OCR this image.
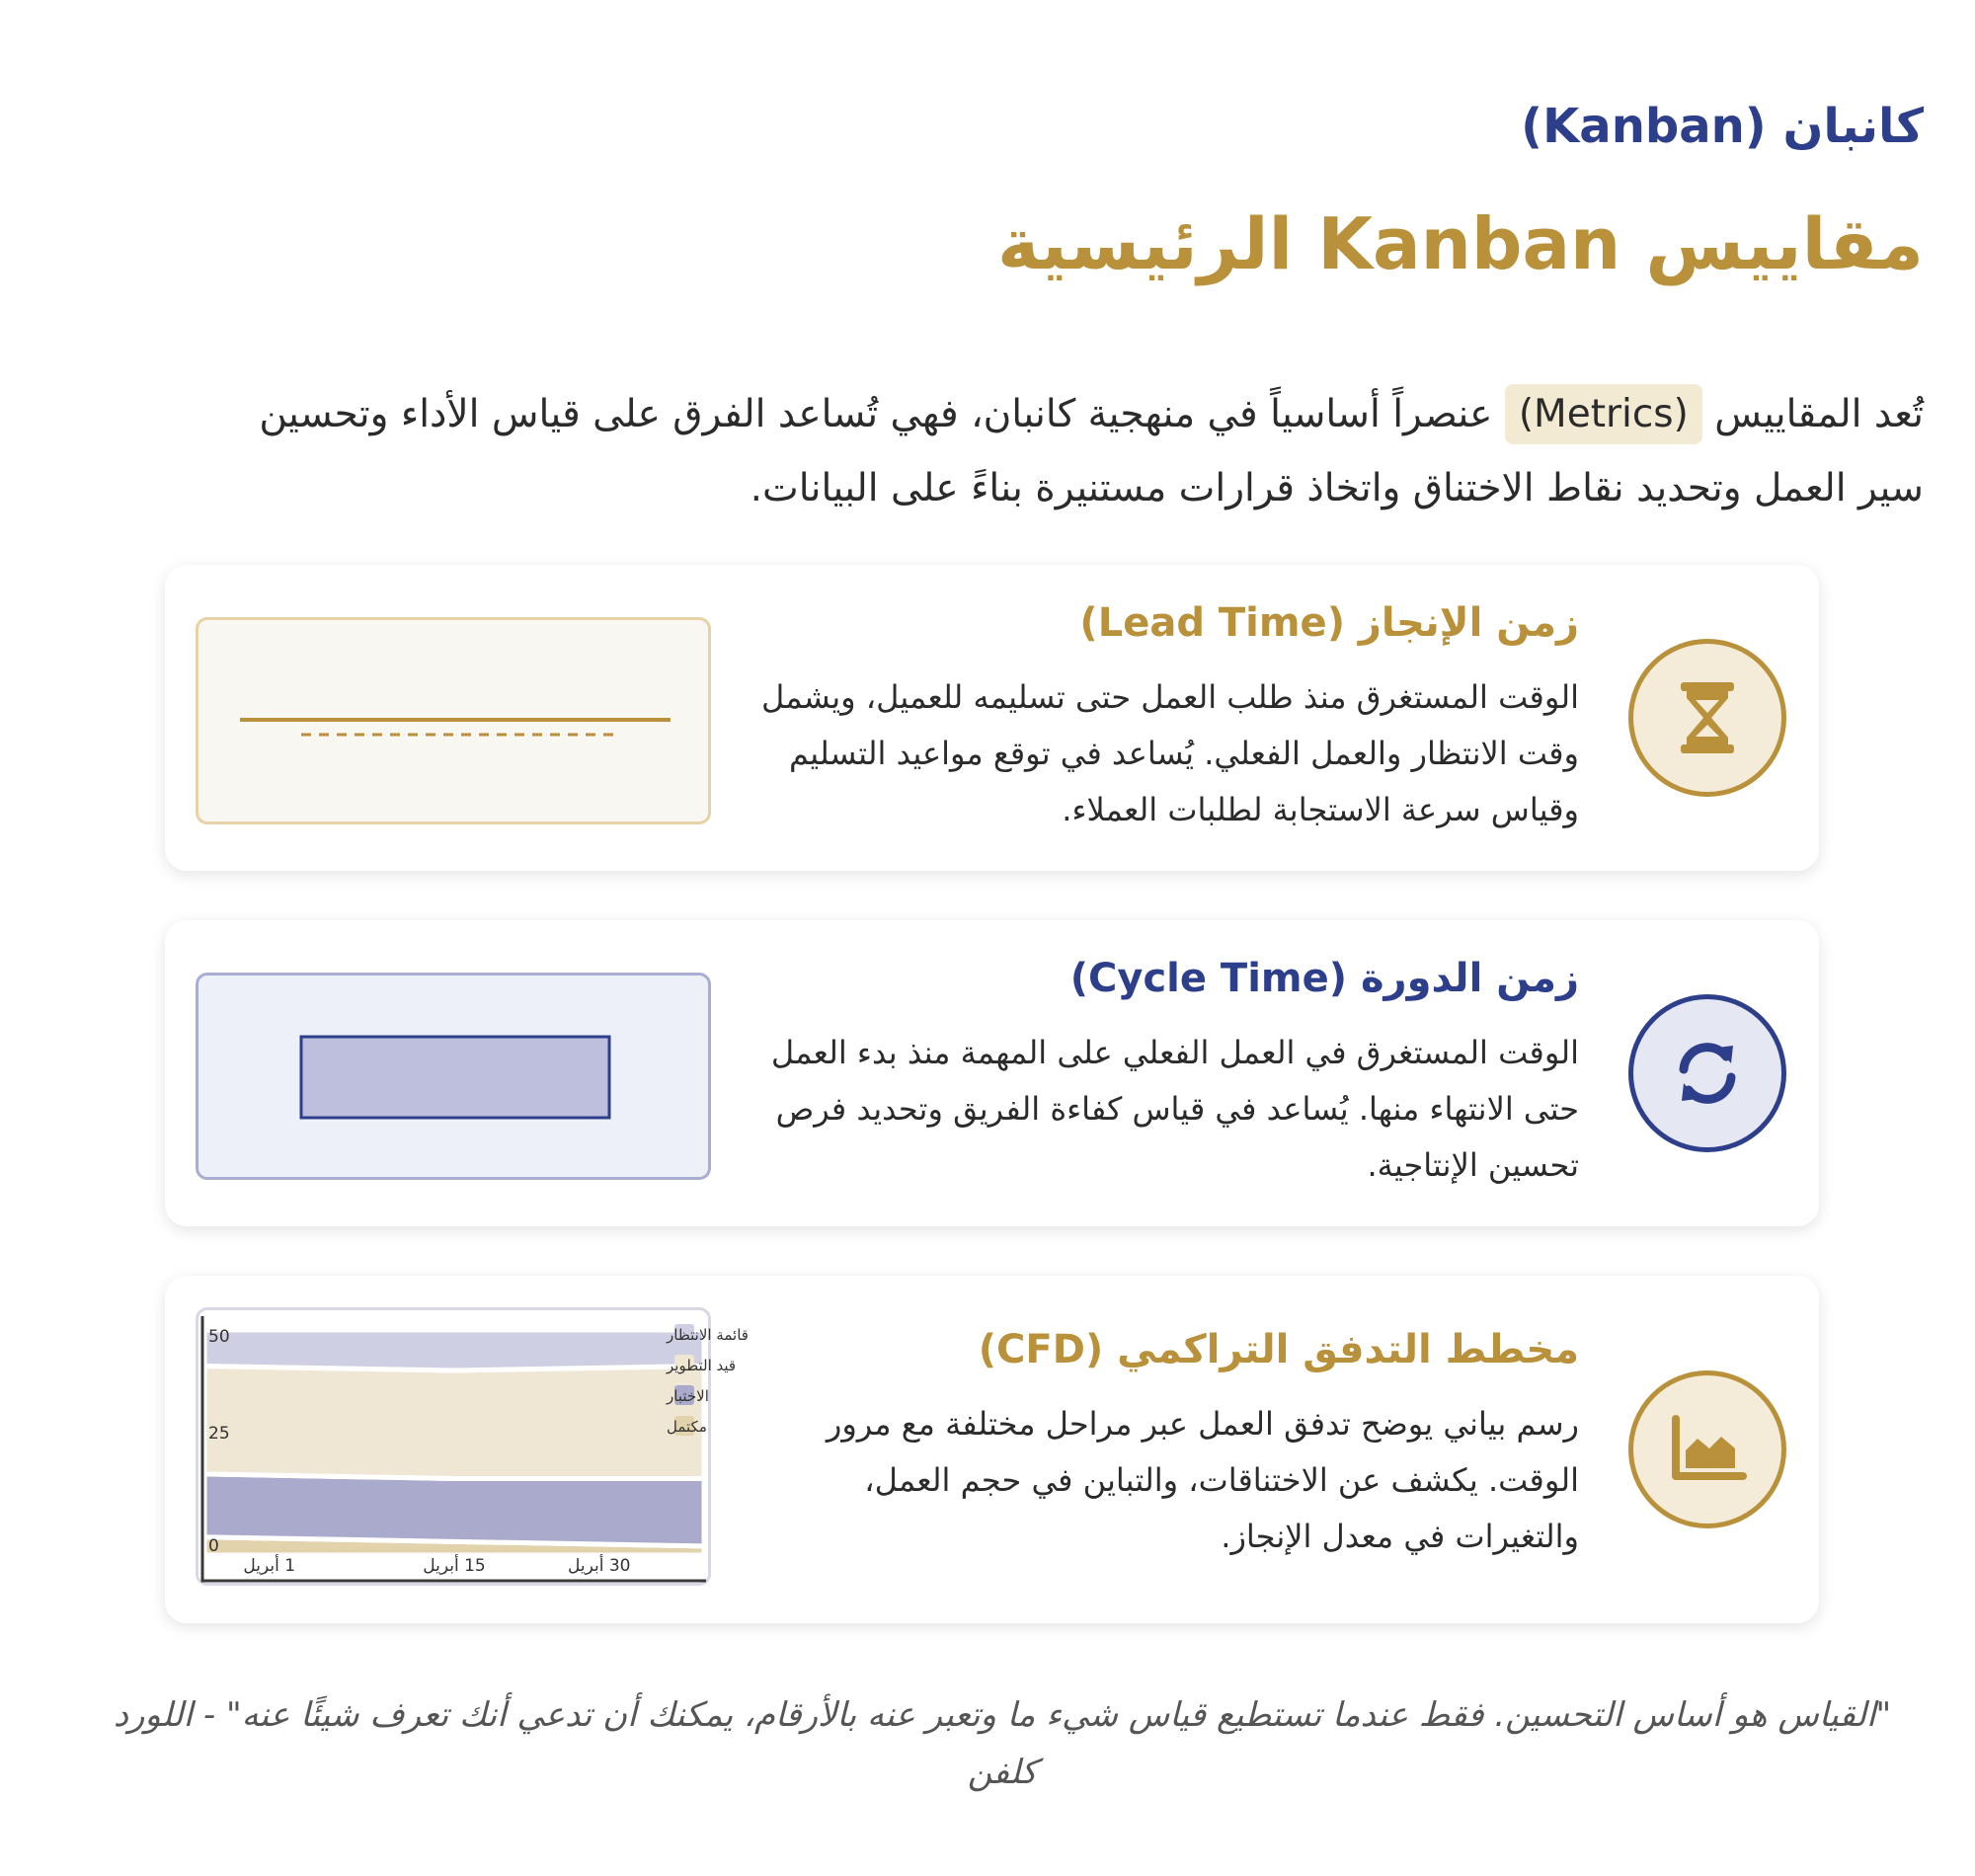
كانبان (Kanban)
مقاييس Kanban الرئيسية

تُعد المقاييس (Metrics) عنصراً أساسياً في منهجية كانبان، فهي تُساعد الفرق على قياس الأداء وتحسين سير العمل وتحديد نقاط الاختناق واتخاذ قرارات مستنيرة بناءً على البيانات.

زمن الإنجاز (Lead Time)

الوقت المستغرق منذ طلب العمل حتى تسليمه للعميل، ويشمل وقت الانتظار والعمل الفعلي. يُساعد في توقع مواعيد التسليم وقياس سرعة الاستجابة لطلبات العملاء.

زمن الدورة (Cycle Time)

الوقت المستغرق في العمل الفعلي على المهمة منذ بدء العمل حتى الانتهاء منها. يُساعد في قياس كفاءة الفريق وتحديد فرص تحسين الإنتاجية.

مخطط التدفق التراكمي (CFD)

رسم بياني يوضح تدفق العمل عبر مراحل مختلفة مع مرور الوقت. يكشف عن الاختناقات، والتباين في حجم العمل، والتغيرات في معدل الإنجاز.

0
25
50
1 أبريل	15 أبريل	30 أبريل
قائمة الانتظار
قيد التطوير
الاختبار
مكتمل

"القياس هو أساس التحسين. فقط عندما تستطيع قياس شيء ما وتعبر عنه بالأرقام، يمكنك أن تدعي أنك تعرف شيئًا عنه" - اللورد كلفن
